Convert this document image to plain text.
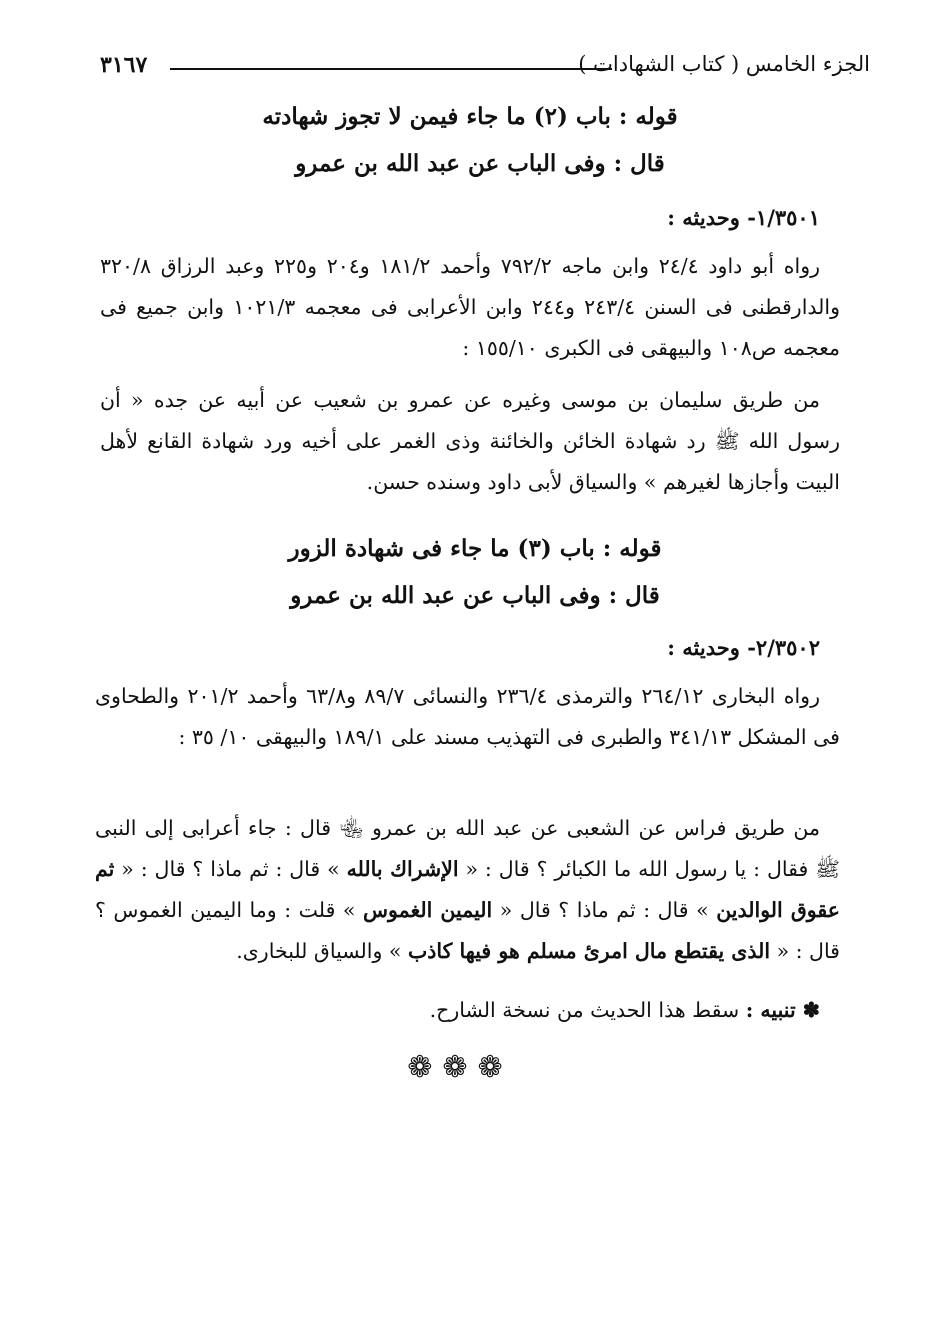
الجزء الخامس ( كتاب الشهادات )
٣١٦٧
قوله : باب (٢) ما جاء فيمن لا تجوز شهادته
قال : وفى الباب عن عبد الله بن عمرو
١/٣٥٠١- وحديثه :
رواه أبو داود ٢٤/٤ وابن ماجه ٧٩٢/٢ وأحمد ١٨١/٢ و٢٠٤ و٢٢٥ وعبد الرزاق ٣٢٠/٨ والدارقطنى فى السنن ٢٤٣/٤ و٢٤٤ وابن الأعرابى فى معجمه ١٠٢١/٣ وابن جميع فى معجمه ص١٠٨ والبيهقى فى الكبرى ١٥٥/١٠ :
من طريق سليمان بن موسى وغيره عن عمرو بن شعيب عن أبيه عن جده « أن رسول الله ﷺ رد شهادة الخائن والخائنة وذى الغمر على أخيه ورد شهادة القانع لأهل البيت وأجازها لغيرهم » والسياق لأبى داود وسنده حسن.
قوله : باب (٣) ما جاء فى شهادة الزور
قال : وفى الباب عن عبد الله بن عمرو
٢/٣٥٠٢- وحديثه :
رواه البخارى ٢٦٤/١٢ والترمذى ٢٣٦/٤ والنسائى ٨٩/٧ و٦٣/٨ وأحمد ٢٠١/٢ والطحاوى فى المشكل ٣٤١/١٣ والطبرى فى التهذيب مسند على ١٨٩/١ والبيهقى ١٠/ ٣٥ :
من طريق فراس عن الشعبى عن عبد الله بن عمرو ﵄ قال : جاء أعرابى إلى النبى ﷺ فقال : يا رسول الله ما الكبائر ؟ قال : « الإشراك بالله » قال : ثم ماذا ؟ قال : « ثم عقوق الوالدين » قال : ثم ماذا ؟ قال « اليمين الغموس » قلت : وما اليمين الغموس ؟ قال : « الذى يقتطع مال امرئ مسلم هو فيها كاذب » والسياق للبخارى.
✽ تنبيه : سقط هذا الحديث من نسخة الشارح.
❁❁❁
